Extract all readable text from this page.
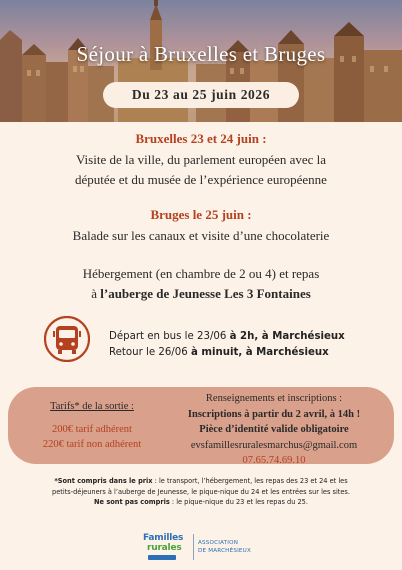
Séjour à Bruxelles et Bruges
Du 23 au 25 juin 2026
Bruxelles 23 et 24 juin :
Visite de la ville, du parlement européen avec la
députée et du musée de l’expérience européenne
Bruges le 25 juin :
Balade sur les canaux et visite d’une chocolaterie
Hébergement (en chambre de 2 ou 4) et repas
à l’auberge de Jeunesse Les 3 Fontaines
Départ en bus le 23/06 à 2h, à Marchésieux
Retour le 26/06 à minuit, à Marchésieux
Tarifs* de la sortie :
200€ tarif adhérent
220€ tarif non adhérent
Renseignements et inscriptions :
Inscriptions à partir du 2 avril, à 14h !
Pièce d’identité valide obligatoire
evsfamillesruralesmarchus@gmail.com
07.65.74.69.10
*Sont compris dans le prix : le transport, l’hébergement, les repas des 23 et 24 et les
petits-déjeuners à l’auberge de Jeunesse, le pique-nique du 24 et les entrées sur les sites.
Ne sont pas compris : le pique-nique du 23 et les repas du 25.
Familles
rurales	ASSOCIATION
DE MARCHÉSIEUX
